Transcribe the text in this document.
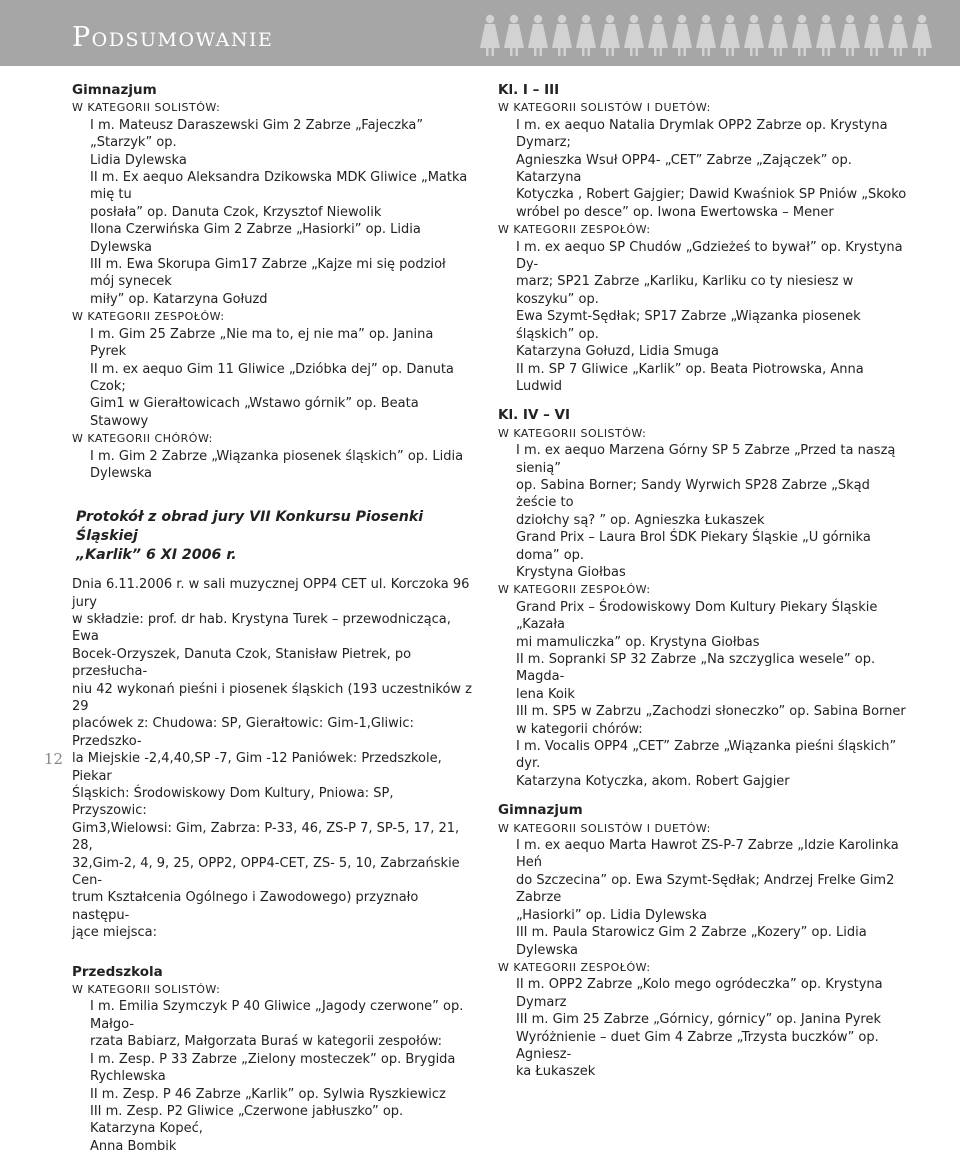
Podsumowanie

Gimnazjum

W KATEGORII SOLISTÓW:

I m. Mateusz Daraszewski Gim 2 Zabrze „Fajeczka” „Starzyk” op.

Lidia Dylewska

II m. Ex aequo Aleksandra Dzikowska MDK Gliwice „Matka mię tu

posłała” op. Danuta Czok, Krzysztof Niewolik

Ilona Czerwińska Gim 2 Zabrze „Hasiorki” op. Lidia Dylewska

III m. Ewa Skorupa Gim17 Zabrze „Kajze mi się podzioł mój synecek

miły” op. Katarzyna Gołuzd

W KATEGORII ZESPOŁÓW:

I m. Gim 25 Zabrze „Nie ma to, ej nie ma” op. Janina Pyrek

II m. ex aequo Gim 11 Gliwice „Dzióbka dej” op. Danuta Czok;

Gim1 w Gierałtowicach „Wstawo górnik” op. Beata Stawowy

W KATEGORII CHÓRÓW:

I m. Gim 2 Zabrze „Wiązanka piosenek śląskich” op. Lidia Dylewska

Protokół z obrad jury VII Konkursu Piosenki Śląskiej

„Karlik” 6 XI 2006 r.

Dnia 6.11.2006 r. w sali muzycznej OPP4 CET ul. Korczoka 96 jury

w składzie: prof. dr hab. Krystyna Turek – przewodnicząca, Ewa

Bocek-Orzyszek, Danuta Czok, Stanisław Pietrek, po przesłucha-

niu 42 wykonań pieśni i piosenek śląskich (193 uczestników z 29

placówek z: Chudowa: SP, Gierałtowic: Gim-1,Gliwic: Przedszko-

la Miejskie -2,4,40,SP -7, Gim -12 Paniówek: Przedszkole, Piekar

Śląskich: Środowiskowy Dom Kultury, Pniowa: SP, Przyszowic:

Gim3,Wielowsi: Gim, Zabrza: P-33, 46, ZS-P 7, SP-5, 17, 21, 28,

32,Gim-2, 4, 9, 25, OPP2, OPP4-CET, ZS- 5, 10, Zabrzańskie Cen-

trum Kształcenia Ogólnego i Zawodowego) przyznało następu-

jące miejsca:

Przedszkola

W KATEGORII SOLISTÓW:

I m. Emilia Szymczyk P 40 Gliwice „Jagody czerwone” op. Małgo-

rzata Babiarz, Małgorzata Buraś w kategorii zespołów:

I m. Zesp. P 33 Zabrze „Zielony mosteczek” op. Brygida Rychlewska

II m. Zesp. P 46 Zabrze „Karlik” op. Sylwia Ryszkiewicz

III m. Zesp. P2 Gliwice „Czerwone jabłuszko” op. Katarzyna Kopeć,

Anna Bombik

Kl. I – III

W KATEGORII SOLISTÓW I DUETÓW:

I m. ex aequo Natalia Drymlak OPP2 Zabrze op. Krystyna Dymarz;

Agnieszka Wsuł OPP4- „CET” Zabrze „Zajączek” op. Katarzyna

Kotyczka , Robert Gajgier; Dawid Kwaśniok SP Pniów „Skoko

wróbel po desce” op. Iwona Ewertowska – Mener

W KATEGORII ZESPOŁÓW:

I m. ex aequo SP Chudów „Gdzieżeś to bywał” op. Krystyna Dy-

marz; SP21 Zabrze „Karliku, Karliku co ty niesiesz w koszyku” op.

Ewa Szymt-Sędłak; SP17 Zabrze „Wiązanka piosenek śląskich” op.

Katarzyna Gołuzd, Lidia Smuga

II m. SP 7 Gliwice „Karlik” op. Beata Piotrowska, Anna Ludwid

Kl. IV – VI

W KATEGORII SOLISTÓW:

I m. ex aequo Marzena Górny SP 5 Zabrze „Przed ta naszą sienią”

op. Sabina Borner; Sandy Wyrwich SP28 Zabrze „Skąd żeście to

dziołchy są? ” op. Agnieszka Łukaszek

Grand Prix – Laura Brol ŚDK Piekary Śląskie „U górnika doma” op.

Krystyna Giołbas

W KATEGORII ZESPOŁÓW:

Grand Prix – Środowiskowy Dom Kultury Piekary Śląskie „Kazała

mi mamuliczka” op. Krystyna Giołbas

II m. Sopranki SP 32 Zabrze „Na szczyglica wesele” op. Magda-

lena Koik

III m. SP5 w Zabrzu „Zachodzi słoneczko” op. Sabina Borner

w kategorii chórów:

I m. Vocalis OPP4 „CET” Zabrze „Wiązanka pieśni śląskich” dyr.

Katarzyna Kotyczka, akom. Robert Gajgier

Gimnazjum

W KATEGORII SOLISTÓW I DUETÓW:

I m. ex aequo Marta Hawrot ZS-P-7 Zabrze „Idzie Karolinka Heń

do Szczecina” op. Ewa Szymt-Sędłak; Andrzej Frelke Gim2 Zabrze

„Hasiorki” op. Lidia Dylewska

III m. Paula Starowicz Gim 2 Zabrze „Kozery” op. Lidia Dylewska

W KATEGORII ZESPOŁÓW:

II m. OPP2 Zabrze „Kolo mego ogródeczka” op. Krystyna Dymarz

III m. Gim 25 Zabrze „Górnicy, górnicy” op. Janina Pyrek

Wyróżnienie – duet Gim 4 Zabrze „Trzysta buczków” op. Agniesz-

ka Łukaszek

12
